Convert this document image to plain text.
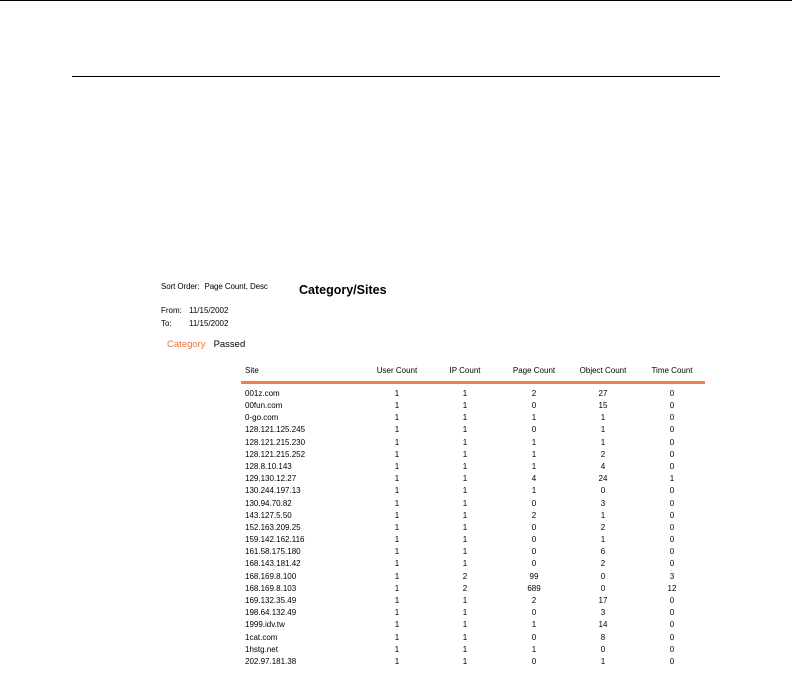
Sort Order: Page Count, Desc Category/Sites
From: 11/15/2002
To: 11/15/2002
Category Passed
Site	User Count	IP Count	Page Count	Object Count	Time Count
001z.com	1	1	2	27	0
00fun.com	1	1	0	15	0
0-go.com	1	1	1	1	0
128.121.125.245	1	1	0	1	0
128.121.215.230	1	1	1	1	0
128.121.215.252	1	1	1	2	0
128.8.10.143	1	1	1	4	0
129.130.12.27	1	1	4	24	1
130.244.197.13	1	1	1	0	0
130.94.70.82	1	1	0	3	0
143.127.5.50	1	1	2	1	0
152.163.209.25	1	1	0	2	0
159.142.162.116	1	1	0	1	0
161.58.175.180	1	1	0	6	0
168.143.181.42	1	1	0	2	0
168.169.8.100	1	2	99	0	3
168.169.8.103	1	2	689	0	12
169.132.35.49	1	1	2	17	0
198.64.132.49	1	1	0	3	0
1999.idv.tw	1	1	1	14	0
1cat.com	1	1	0	8	0
1hstg.net	1	1	1	0	0
202.97.181.38	1	1	0	1	0
